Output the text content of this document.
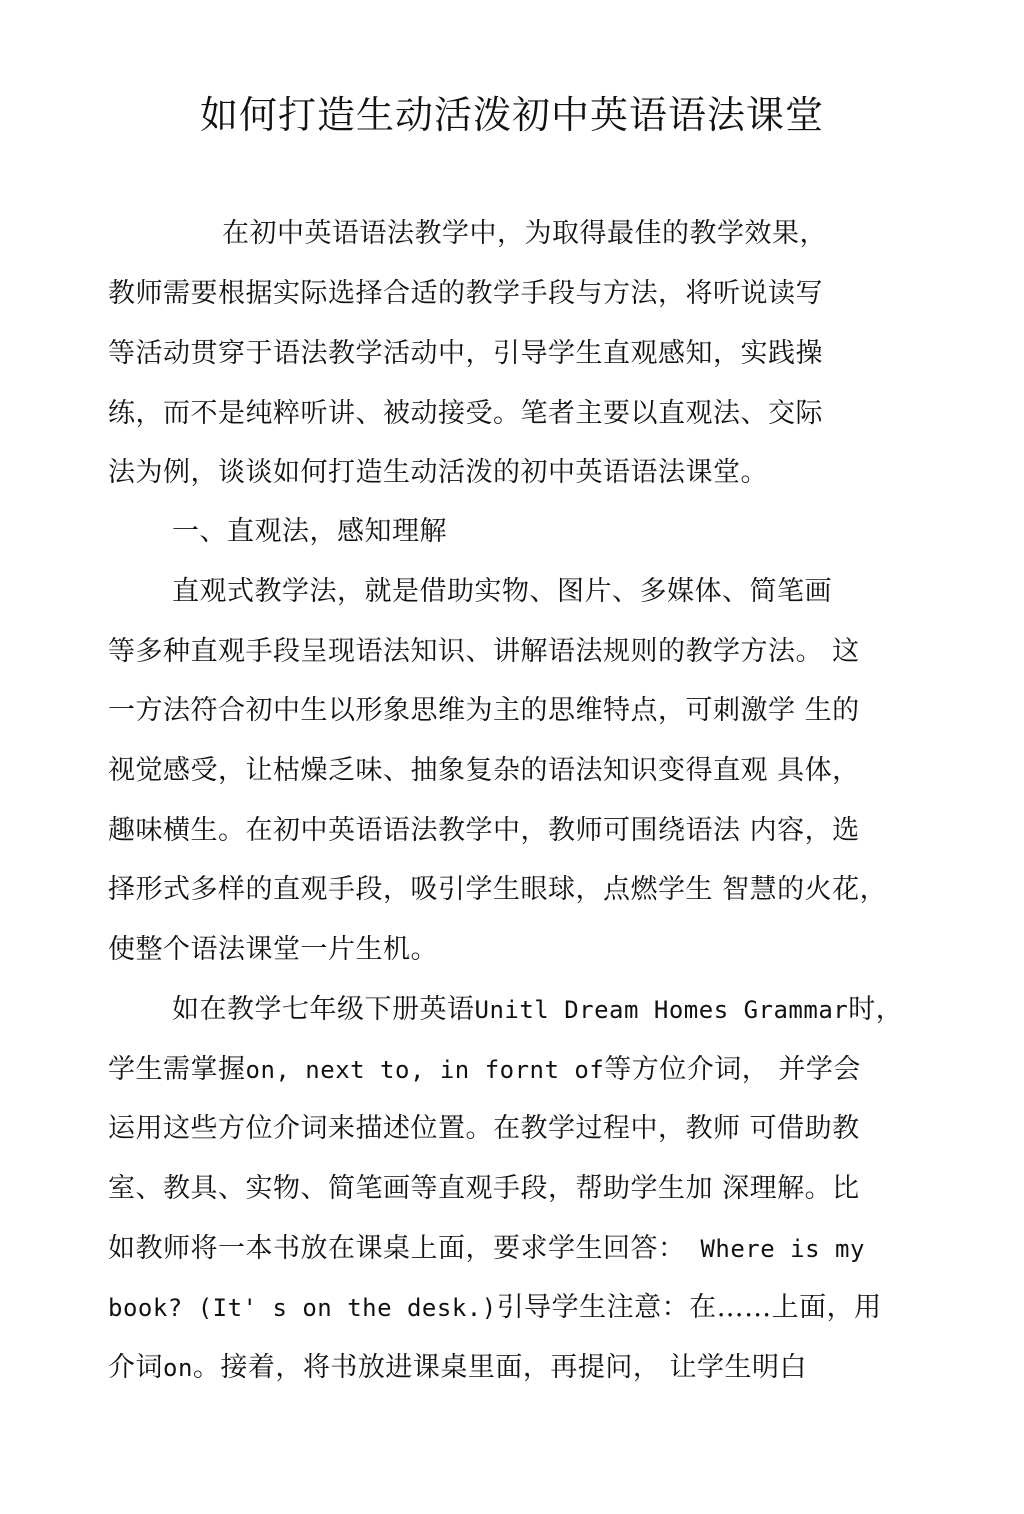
如何打造生动活泼初中英语语法课堂
在初中英语语法教学中，为取得最佳的教学效果，
教师需要根据实际选择合适的教学手段与方法，将听说读写
等活动贯穿于语法教学活动中，引导学生直观感知，实践操
练，而不是纯粹听讲、被动接受。笔者主要以直观法、交际
法为例，谈谈如何打造生动活泼的初中英语语法课堂。
一、直观法，感知理解
直观式教学法，就是借助实物、图片、多媒体、简笔画
等多种直观手段呈现语法知识、讲解语法规则的教学方法。 这
一方法符合初中生以形象思维为主的思维特点，可刺激学 生的
视觉感受，让枯燥乏味、抽象复杂的语法知识变得直观 具体，
趣味横生。在初中英语语法教学中，教师可围绕语法 内容，选
择形式多样的直观手段，吸引学生眼球，点燃学生 智慧的火花，
使整个语法课堂一片生机。
如在教学七年级下册英语Unitl Dream Homes Grammar时，
学生需掌握on, next to, in fornt of等方位介词， 并学会
运用这些方位介词来描述位置。在教学过程中，教师 可借助教
室、教具、实物、简笔画等直观手段，帮助学生加 深理解。比
如教师将一本书放在课桌上面，要求学生回答： Where is my
book? (It' s on the desk.)引导学生注意：在……上面，用
介词on。接着，将书放进课桌里面，再提问， 让学生明白
